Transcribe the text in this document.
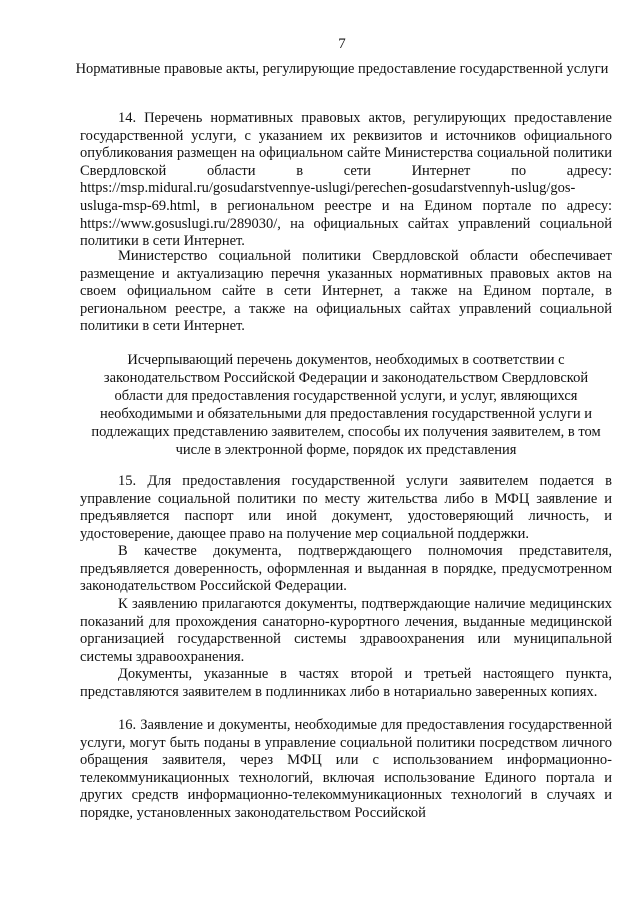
7
Нормативные правовые акты, регулирующие предоставление государственной услуги

14. Перечень нормативных правовых актов, регулирующих предоставление государственной услуги, с указанием их реквизитов и источников официального опубликования размещен на официальном сайте Министерства социальной политики Свердловской области в сети Интернет по адресу: https://msp.midural.ru/gosudarstvennye-uslugi/perechen-gosudarstvennyh-uslug/gos-usluga-msp-69.html, в региональном реестре и на Едином портале по адресу: https://www.gosuslugi.ru/289030/, на официальных сайтах управлений социальной политики в сети Интернет.

Министерство социальной политики Свердловской области обеспечивает размещение и актуализацию перечня указанных нормативных правовых актов на своем официальном сайте в сети Интернет, а также на Едином портале, в региональном реестре, а также на официальных сайтах управлений социальной политики в сети Интернет.

Исчерпывающий перечень документов, необходимых в соответствии с законодательством Российской Федерации и законодательством Свердловской области для предоставления государственной услуги, и услуг, являющихся необходимыми и обязательными для предоставления государственной услуги и подлежащих представлению заявителем, способы их получения заявителем, в том числе в электронной форме, порядок их представления

15. Для предоставления государственной услуги заявителем подается в управление социальной политики по месту жительства либо в МФЦ заявление и предъявляется паспорт или иной документ, удостоверяющий личность, и удостоверение, дающее право на получение мер социальной поддержки.

В качестве документа, подтверждающего полномочия представителя, предъявляется доверенность, оформленная и выданная в порядке, предусмотренном законодательством Российской Федерации.

К заявлению прилагаются документы, подтверждающие наличие медицинских показаний для прохождения санаторно-курортного лечения, выданные медицинской организацией государственной системы здравоохранения или муниципальной системы здравоохранения.

Документы, указанные в частях второй и третьей настоящего пункта, представляются заявителем в подлинниках либо в нотариально заверенных копиях.

16. Заявление и документы, необходимые для предоставления государственной услуги, могут быть поданы в управление социальной политики посредством личного обращения заявителя, через МФЦ или с использованием информационно-телекоммуникационных технологий, включая использование Единого портала и других средств информационно-телекоммуникационных технологий в случаях и порядке, установленных законодательством Российской
